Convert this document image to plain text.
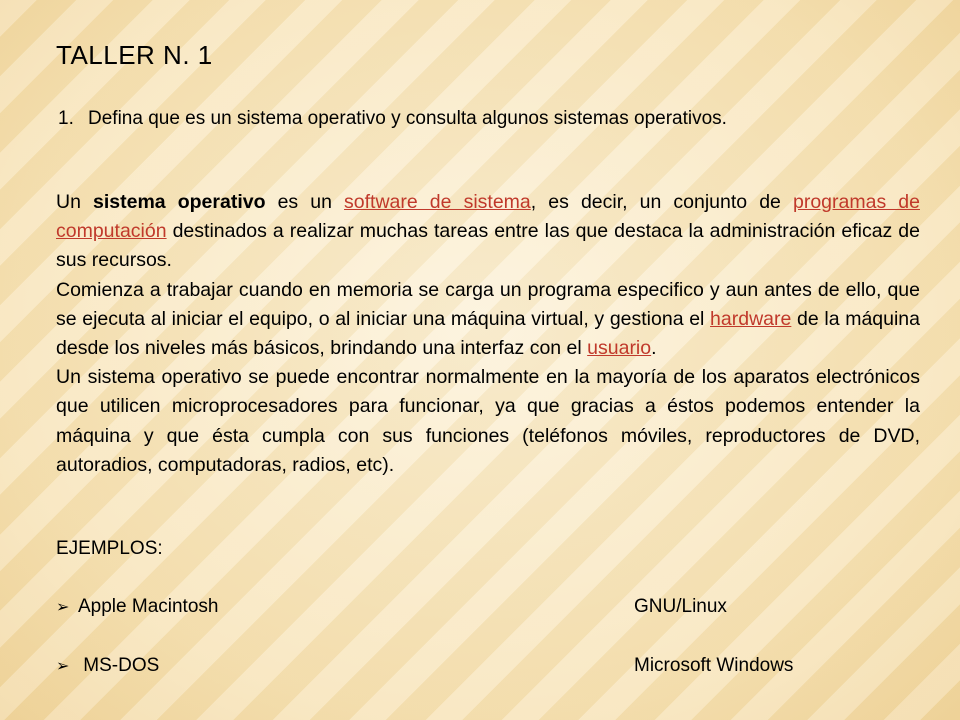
TALLER N. 1
1. Defina que es un sistema operativo y consulta algunos sistemas operativos.

Un sistema operativo es un software de sistema, es decir, un conjunto de programas de computación destinados a realizar muchas tareas entre las que destaca la administración eficaz de sus recursos.

Comienza a trabajar cuando en memoria se carga un programa especifico y aun antes de ello, que se ejecuta al iniciar el equipo, o al iniciar una máquina virtual, y gestiona el hardware de la máquina desde los niveles más básicos, brindando una interfaz con el usuario.

Un sistema operativo se puede encontrar normalmente en la mayoría de los aparatos electrónicos que utilicen microprocesadores para funcionar, ya que gracias a éstos podemos entender la máquina y que ésta cumpla con sus funciones (teléfonos móviles, reproductores de DVD, autoradios, computadoras, radios, etc).

EJEMPLOS:
➢ Apple Macintosh	GNU/Linux
➢ MS-DOS	Microsoft Windows
